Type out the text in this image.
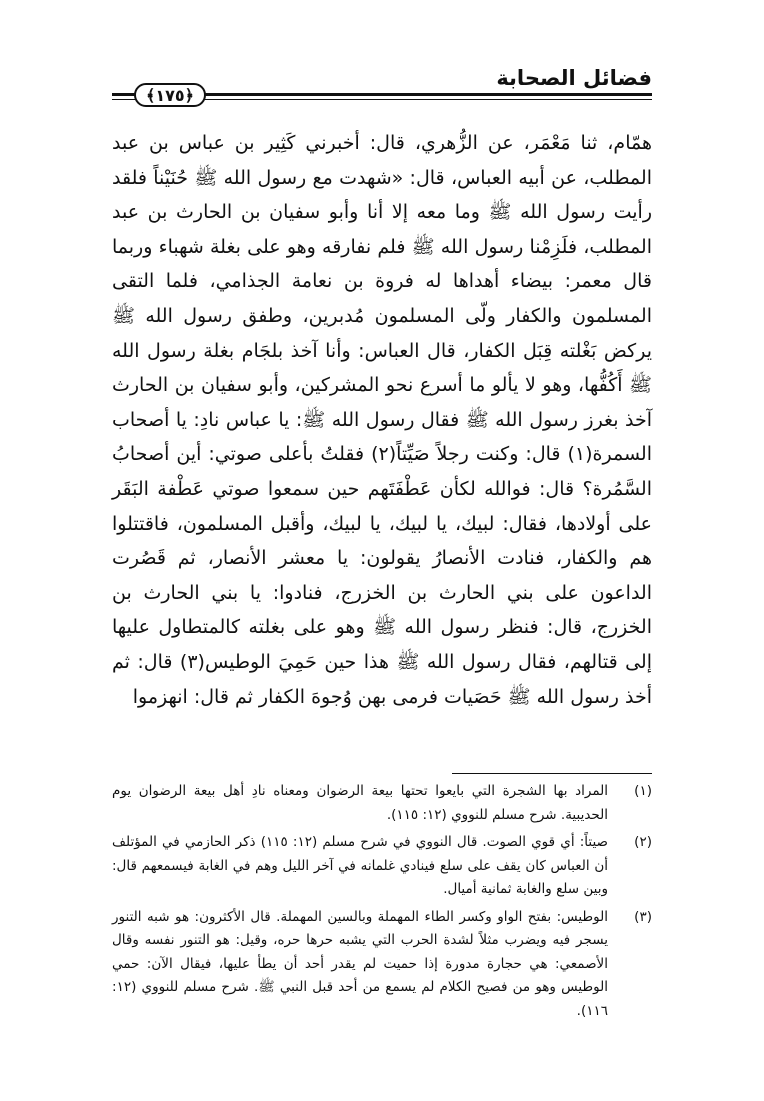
فضائل الصحابة
﴿١٧٥﴾

همّام، ثنا مَعْمَر، عن الزُّهري، قال: أخبرني كَثِير بن عباس بن عبد المطلب، عن أبيه العباس، قال: «شهدت مع رسول الله ﷺ حُنَيْناً فلقد رأيت رسول الله ﷺ وما معه إلا أنا وأبو سفيان بن الحارث بن عبد المطلب، فلَزِمْنا رسول الله ﷺ فلم نفارقه وهو على بغلة شهباء وربما قال معمر: بيضاء أهداها له فروة بن نعامة الجذامي، فلما التقى المسلمون والكفار ولّى المسلمون مُدبرين، وطفق رسول الله ﷺ يركض بَغْلته قِبَل الكفار، قال العباس: وأنا آخذ بلجَام بغلة رسول الله ﷺ أَكُفُّها، وهو لا يألو ما أسرع نحو المشركين، وأبو سفيان بن الحارث آخذ بغرز رسول الله ﷺ فقال رسول الله ﷺ: يا عباس نادِ: يا أصحاب السمرة(١) قال: وكنت رجلاً صَيِّتاً(٢) فقلتُ بأعلى صوتي: أين أصحابُ السَّمُرة؟ قال: فوالله لكأن عَطْفَتَهم حين سمعوا صوتي عَطْفة البَقَر على أولادها، فقال: لبيك، يا لبيك، يا لبيك، وأقبل المسلمون، فاقتتلوا هم والكفار، فنادت الأنصارُ يقولون: يا معشر الأنصار، ثم قَصُرت الداعون على بني الحارث بن الخزرج، فنادوا: يا بني الحارث بن الخزرج، قال: فنظر رسول الله ﷺ وهو على بغلته كالمتطاول عليها إلى قتالهم، فقال رسول الله ﷺ هذا حين حَمِيَ الوطيس(٣) قال: ثم أخذ رسول الله ﷺ حَصَيات فرمى بهن وُجوهَ الكفار ثم قال: انهزموا

(١)
المراد بها الشجرة التي بايعوا تحتها بيعة الرضوان ومعناه نادِ أهل بيعة الرضوان يوم الحديبية. شرح مسلم للنووي (١٢: ١١٥).
(٢)
صيتاً: أي قوي الصوت. قال النووي في شرح مسلم (١٢: ١١٥) ذكر الحازمي في المؤتلف أن العباس كان يقف على سلع فينادي غلمانه في آخر الليل وهم في الغابة فيسمعهم قال: وبين سلع والغابة ثمانية أميال.
(٣)
الوطيس: بفتح الواو وكسر الطاء المهملة وبالسين المهملة. قال الأكثرون: هو شبه التنور يسجر فيه ويضرب مثلاً لشدة الحرب التي يشبه حرها حره، وقيل: هو التنور نفسه وقال الأصمعي: هي حجارة مدورة إذا حميت لم يقدر أحد أن يطأ عليها، فيقال الآن: حمي الوطيس وهو من فصيح الكلام لم يسمع من أحد قبل النبي ﷺ. شرح مسلم للنووي (١٢: ١١٦).
